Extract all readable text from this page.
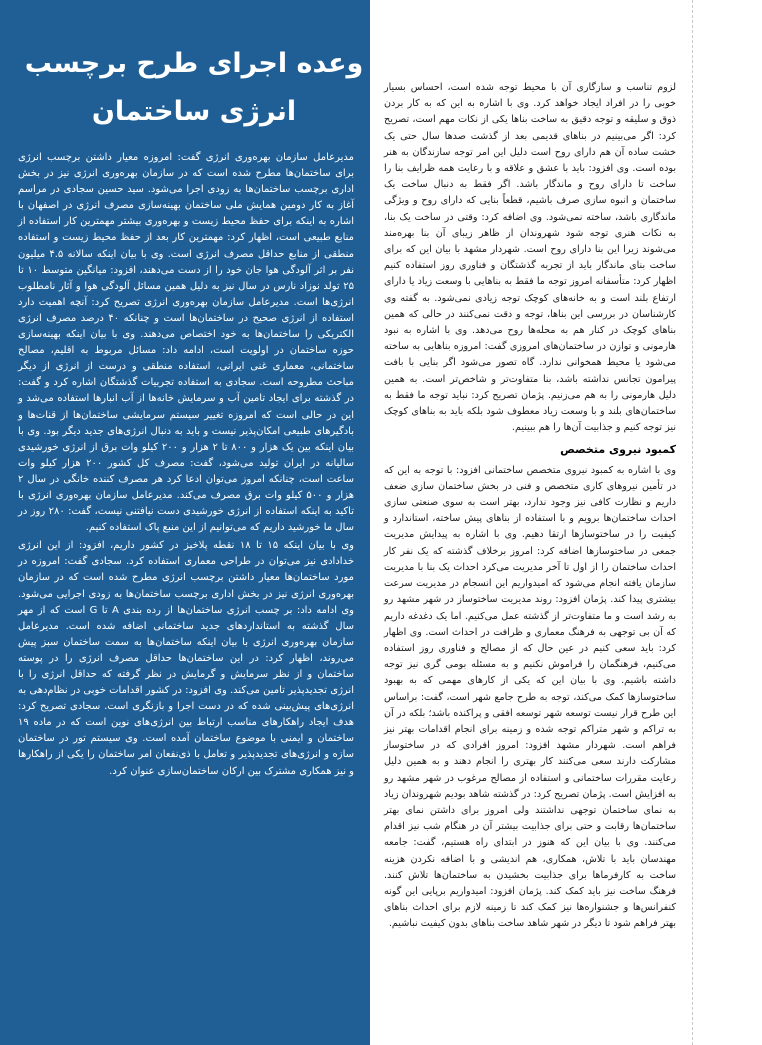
وعده اجرای طرح برچسب
انرژی ساختمان

مدیرعامل سازمان بهره‌وری انرژی گفت: امروزه معیار داشتن برچسب انرژی برای ساختمان‌ها مطرح شده است که در سازمان بهره‌وری انرژی نیز در بخش اداری برچسب ساختمان‌ها به زودی اجرا می‌شود. سید حسین سجادی در مراسم آغاز به کار دومین همایش ملی ساختمان بهینه‌سازی مصرف انرژی در اصفهان با اشاره به اینکه برای حفظ محیط زیست و بهره‌وری بیشتر مهمترین کار استفاده از منابع طبیعی است، اظهار کرد: مهمترین کار بعد از حفظ محیط زیست و استفاده منطقی از منابع حداقل مصرف انرژی است. وی با بیان اینکه سالانه ۴.۵ میلیون نفر بر اثر آلودگی هوا جان خود را از دست می‌دهند، افزود: میانگین متوسط ۱۰ تا ۲۵ تولد نوزاد نارس در سال نیز به دلیل همین مسائل آلودگی هوا و آثار نامطلوب انرژی‌ها است. مدیرعامل سازمان بهره‌وری انرژی تصریح کرد: آنچه اهمیت دارد استفاده از انرژی صحیح در ساختمان‌ها است و چنانکه ۴۰ درصد مصرف انرژی الکتریکی را ساختمان‌ها به خود اختصاص می‌دهند. وی با بیان اینکه بهینه‌سازی حوزه ساختمان در اولویت است، ادامه داد: مسائل مربوط به اقلیم، مصالح ساختمانی، معماری غنی ایرانی، استفاده منطقی و درست از انرژی از دیگر مباحث مطروحه است. سجادی به استفاده تجربیات گذشتگان اشاره کرد و گفت: در گذشته برای ایجاد تامین آب و سرمایش خانه‌ها از آب انبارها استفاده می‌شد و این در حالی است که امروزه تغییر سیستم سرمایشی ساختمان‌ها از قنات‌ها و بادگیرهای طبیعی امکان‌پذیر نیست و باید به دنبال انرژی‌های جدید دیگر بود. وی با بیان اینکه بین یک هزار و ۸۰۰ تا ۲ هزار و ۲۰۰ کیلو وات برق از انرژی خورشیدی سالیانه در ایران تولید می‌شود، گفت: مصرف کل کشور ۲۰۰ هزار کیلو وات ساعت است، چنانکه امروز می‌توان ادعا کرد هر مصرف کننده خانگی در سال ۲ هزار و ۵۰۰ کیلو وات برق مصرف می‌کند. مدیرعامل سازمان بهره‌وری انرژی با تاکید به اینکه استفاده از انرژی خورشیدی دست نیافتنی نیست، گفت: ۲۸۰ روز در سال ما خورشید داریم که می‌توانیم از این منبع پاک استفاده کنیم.

وی با بیان اینکه ۱۵ تا ۱۸ نقطه پلاخیز در کشور داریم، افزود: از این انرژی خدادادی نیز می‌توان در طراحی معماری استفاده کرد. سجادی گفت: امروزه در مورد ساختمان‌ها معیار داشتن برچسب انرژی مطرح شده است که در سازمان بهره‌وری انرژی نیز در بخش اداری برچسب ساختمان‌ها به زودی اجرایی می‌شود. وی ادامه داد: بر چسب انرژی ساختمان‌ها از رده بندی A تا G است که از مهر سال گذشته به استانداردهای جدید ساختمانی اضافه شده است. مدیرعامل سازمان بهره‌وری انرژی با بیان اینکه ساختمان‌ها به سمت ساختمان سبز پیش می‌روند، اظهار کرد: در این ساختمان‌ها حداقل مصرف انرژی را در پوسته ساختمان و از نظر سرمایش و گرمایش در نظر گرفته که حداقل انرژی را با انرژی تجدیدپذیر تامین می‌کند. وی افزود: در کشور اقدامات خوبی در نظام‌دهی به انرژی‌های پیش‌بینی شده که در دست اجرا و بازنگری است. سجادی تصریح کرد: هدف ایجاد راهکارهای مناسب ارتباط بین انرژی‌های نوین است که در ماده ۱۹ ساختمان و ایمنی با موضوع ساختمان آمده است. وی سیستم تور در ساختمان سازه و انرژی‌های تجدیدپذیر و تعامل با ذی‌نفعان امر ساختمان را یکی از راهکارها و نیز همکاری مشترک بین ارکان ساختمان‌سازی عنوان کرد.

لزوم تناسب و سازگاری آن با محیط توجه شده است، احساس بسیار خوبی را در افراد ایجاد خواهد کرد. وی با اشاره به این که به کار بردن ذوق و سلیقه و توجه دقیق به ساخت بناها یکی از نکات مهم است، تصریح کرد: اگر می‌بینیم در بناهای قدیمی بعد از گذشت صدها سال حتی یک خشت ساده آن هم دارای روح است دلیل این امر توجه سازندگان به هنر بوده است. وی افزود: باید با عشق و علاقه و با رعایت همه ظرایف بنا را ساخت تا دارای روح و ماندگار باشد. اگر فقط به دنبال ساخت یک ساختمان و انبوه سازی صرف باشیم، قطعاً بنایی که دارای روح و ویژگی ماندگاری باشد، ساخته نمی‌شود. وی اضافه کرد: وقتی در ساخت یک بنا، به نکات هنری توجه شود شهروندان از ظاهر زیبای آن بنا بهره‌مند می‌شوند زیرا این بنا دارای روح است. شهردار مشهد با بیان این که برای ساخت بنای ماندگار باید از تجربه گذشتگان و فناوری روز استفاده کنیم اظهار کرد: متأسفانه امروز توجه ما فقط به بناهایی با وسعت زیاد یا دارای ارتفاع بلند است و به خانه‌های کوچک توجه زیادی نمی‌شود. به گفته وی کارشناسان در بررسی این بناها، توجه و دقت نمی‌کنند در حالی که همین بناهای کوچک در کنار هم به محله‌ها روح می‌دهد. وی با اشاره به نبود هارمونی و توازن در ساختمان‌های امروزی گفت: امروزه بناهایی به ساخته می‌شود یا محیط همخوانی ندارد. گاه تصور می‌شود اگر بنایی با بافت پیرامون تجانس نداشته باشد، بنا متفاوت‌تر و شاخص‌تر است. به همین دلیل هارمونی را به هم می‌زنیم. پژمان تصریح کرد: نباید توجه ما فقط به ساختمان‌های بلند و با وسعت زیاد معطوف شود بلکه باید به بناهای کوچک نیز توجه کنیم و جذابیت آن‌ها را هم ببینیم.

کمبود نیروی متخصص

وی با اشاره به کمبود نیروی متخصص ساختمانی افزود: با توجه به این که در تأمین نیروهای کاری متخصص و فنی در بخش ساختمان سازی ضعف داریم و نظارت کافی نیز وجود ندارد، بهتر است به سوی صنعتی سازی احداث ساختمان‌ها برویم و با استفاده از بناهای پیش ساخته، استاندارد و کیفیت را در ساختوسازها ارتقا دهیم. وی با اشاره به پیدایش مدیریت جمعی در ساختوسازها اضافه کرد: امروز برخلاف گذشته که یک نفر کار احداث ساختمان را از اول تا آخر مدیریت می‌کرد احداث یک بنا با مدیریت سازمان یافته انجام می‌شود که امیدواریم این انسجام در مدیریت سرعت بیشتری پیدا کند. پژمان افزود: روند مدیریت ساختوساز در شهر مشهد رو به رشد است و ما متفاوت‌تر از گذشته عمل می‌کنیم. اما یک دغدغه داریم که آن بی توجهی به فرهنگ معماری و ظرافت در احداث است. وی اظهار کرد: باید سعی کنیم در عین حال که از مصالح و فناوری روز استفاده می‌کنیم، فرهنگمان را فراموش نکنیم و به مسئله بومی گری نیز توجه داشته باشیم. وی با بیان این که یکی از کارهای مهمی که به بهبود ساختوسازها کمک می‌کند، توجه به طرح جامع شهر است، گفت: براساس این طرح قرار نیست توسعه شهر توسعه افقی و پراکنده باشد؛ بلکه در آن به تراکم و شهر متراکم توجه شده و زمینه برای انجام اقدامات بهتر نیز فراهم است. شهردار مشهد افزود: امروز افرادی که در ساختوساز مشارکت دارند سعی می‌کنند کار بهتری را انجام دهند و به همین دلیل رعایت مقررات ساختمانی و استفاده از مصالح مرغوب در شهر مشهد رو به افزایش است. پژمان تصریح کرد: در گذشته شاهد بودیم شهروندان زیاد به نمای ساختمان توجهی نداشتند ولی امروز برای داشتن نمای بهتر ساختمان‌ها رقابت و حتی برای جذابیت بیشتر آن در هنگام شب نیز اقدام می‌کنند. وی با بیان این که هنوز در ابتدای راه هستیم، گفت: جامعه مهندسان باید با تلاش، همکاری، هم اندیشی و با اضافه نکردن هزینه ساخت به کارفرماها برای جذابیت بخشیدن به ساختمان‌ها تلاش کنند. فرهنگ ساخت نیز باید کمک کند. پژمان افزود: امیدواریم برپایی این گونه کنفرانس‌ها و جشنواره‌ها نیز کمک کند تا زمینه لازم برای احداث بناهای بهتر فراهم شود تا دیگر در شهر شاهد ساخت بناهای بدون کیفیت نباشیم.
